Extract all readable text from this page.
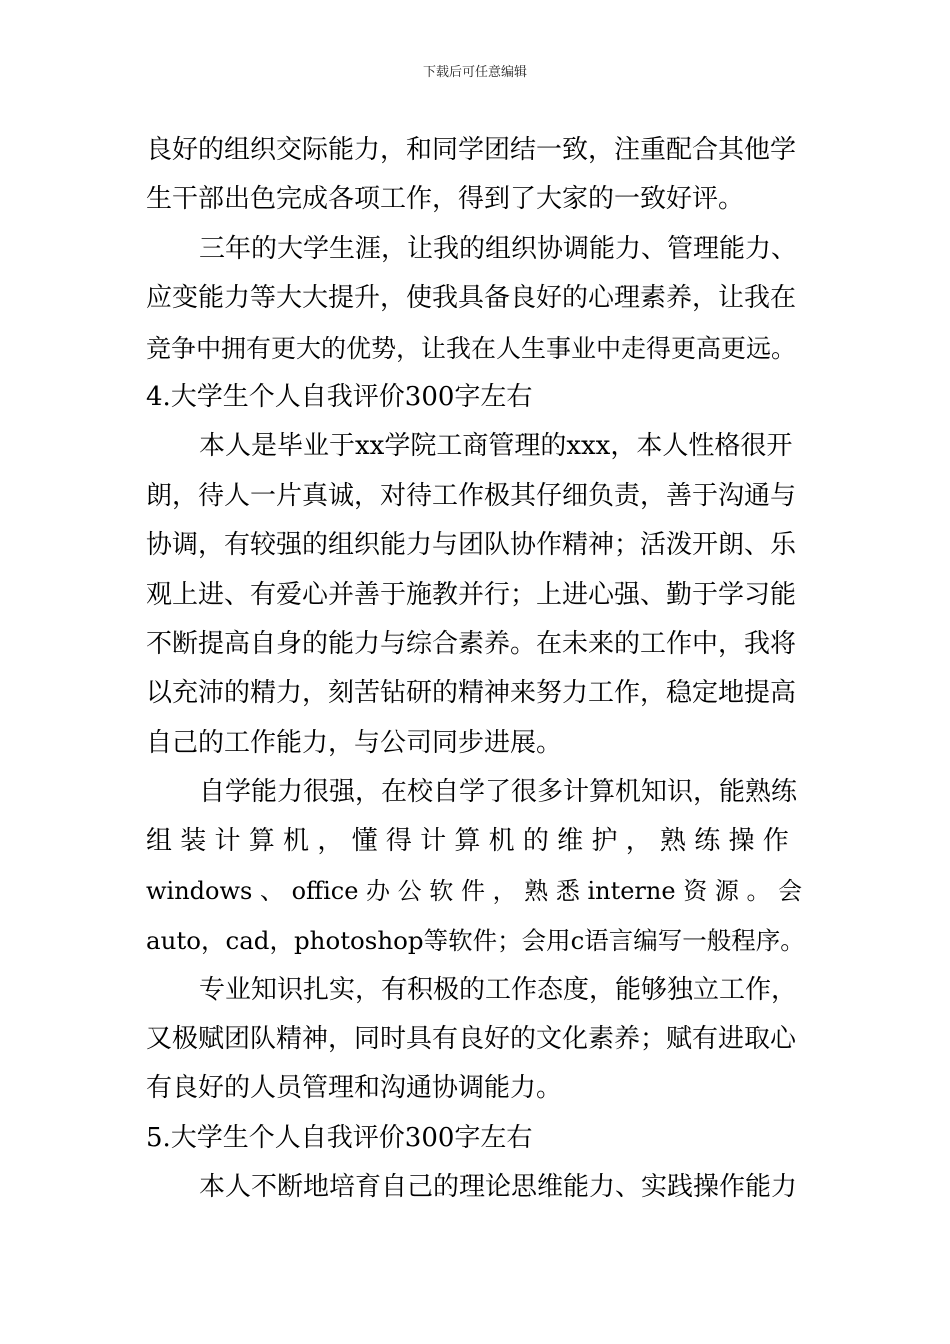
下载后可任意编辑
良好的组织交际能力，和同学团结一致，注重配合其他学
生干部出色完成各项工作，得到了大家的一致好评。
三年的大学生涯，让我的组织协调能力、管理能力、
应变能力等大大提升，使我具备良好的心理素养，让我在
竞争中拥有更大的优势，让我在人生事业中走得更高更远。
4.大学生个人自我评价300字左右
本人是毕业于xx学院工商管理的xxx，本人性格很开
朗，待人一片真诚，对待工作极其仔细负责，善于沟通与
协调，有较强的组织能力与团队协作精神；活泼开朗、乐
观上进、有爱心并善于施教并行；上进心强、勤于学习能
不断提高自身的能力与综合素养。在未来的工作中，我将
以充沛的精力，刻苦钻研的精神来努力工作，稳定地提高
自己的工作能力，与公司同步进展。
自学能力很强，在校自学了很多计算机知识，能熟练
组 装 计 算 机 ， 懂 得 计 算 机 的 维 护 ， 熟 练 操 作
windows 、 office 办 公 软 件 ， 熟 悉 interne 资 源 。 会
auto，cad，photoshop等软件；会用c语言编写一般程序。
专业知识扎实，有积极的工作态度，能够独立工作，
又极赋团队精神，同时具有良好的文化素养；赋有进取心
有良好的人员管理和沟通协调能力。
5.大学生个人自我评价300字左右
本人不断地培育自己的理论思维能力、实践操作能力
